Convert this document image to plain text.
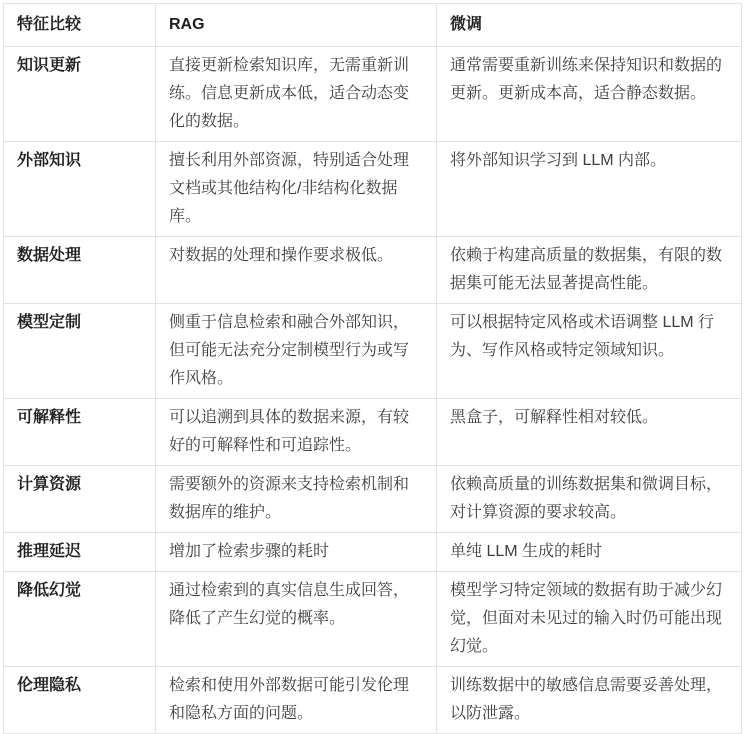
特征比较	RAG	微调
知识更新	直接更新检索知识库，无需重新训练。信息更新成本低，适合动态变化的数据。	通常需要重新训练来保持知识和数据的更新。更新成本高，适合静态数据。
外部知识	擅长利用外部资源，特别适合处理文档或其他结构化/非结构化数据库。	将外部知识学习到 LLM 内部。
数据处理	对数据的处理和操作要求极低。	依赖于构建高质量的数据集，有限的数据集可能无法显著提高性能。
模型定制	侧重于信息检索和融合外部知识，但可能无法充分定制模型行为或写作风格。	可以根据特定风格或术语调整 LLM 行为、写作风格或特定领域知识。
可解释性	可以追溯到具体的数据来源，有较好的可解释性和可追踪性。	黑盒子，可解释性相对较低。
计算资源	需要额外的资源来支持检索机制和数据库的维护。	依赖高质量的训练数据集和微调目标，对计算资源的要求较高。
推理延迟	增加了检索步骤的耗时	单纯 LLM 生成的耗时
降低幻觉	通过检索到的真实信息生成回答，降低了产生幻觉的概率。	模型学习特定领域的数据有助于减少幻觉，但面对未见过的输入时仍可能出现幻觉。
伦理隐私	检索和使用外部数据可能引发伦理和隐私方面的问题。	训练数据中的敏感信息需要妥善处理，以防泄露。
